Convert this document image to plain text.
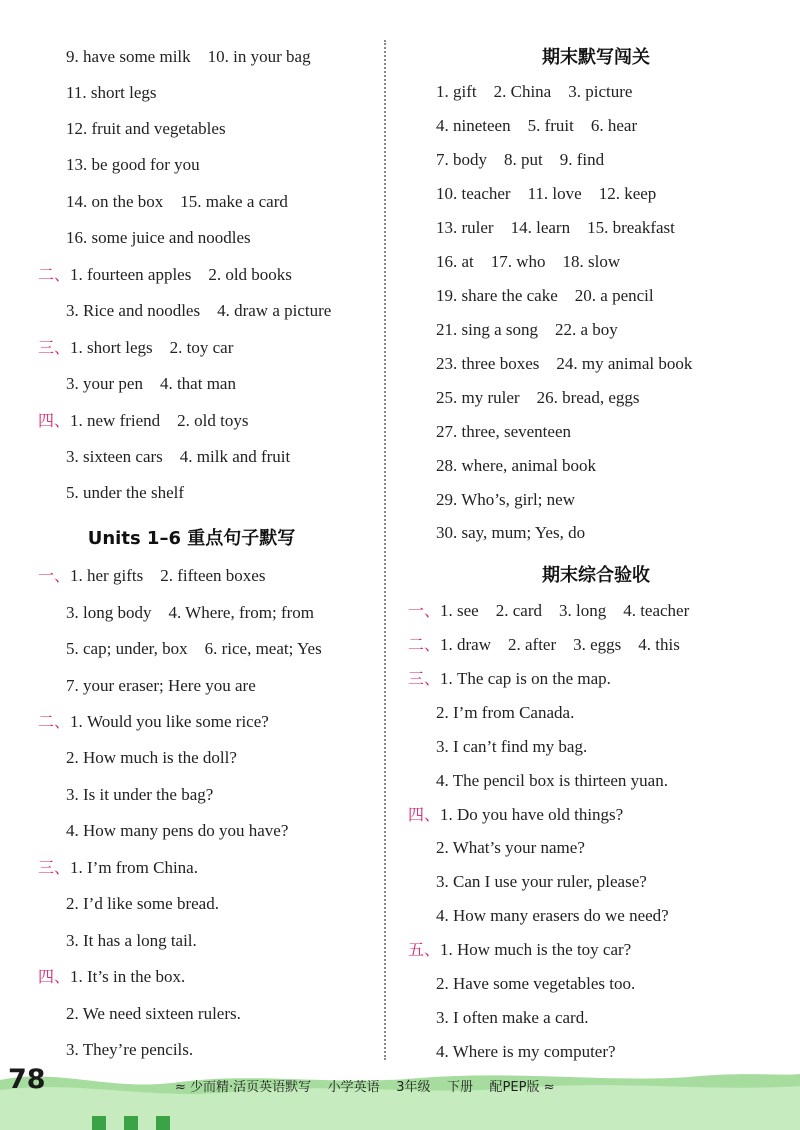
9. have some milk    10. in your bag
11. short legs
12. fruit and vegetables
13. be good for you
14. on the box    15. make a card
16. some juice and noodles
二、1. fourteen apples    2. old books
3. Rice and noodles    4. draw a picture
三、1. short legs    2. toy car
3. your pen    4. that man
四、1. new friend    2. old toys
3. sixteen cars    4. milk and fruit
5. under the shelf
一、1. her gifts    2. fifteen boxes
3. long body    4. Where, from; from
5. cap; under, box    6. rice, meat; Yes
7. your eraser; Here you are
二、1. Would you like some rice?
2. How much is the doll?
3. Is it under the bag?
4. How many pens do you have?
三、1. I’m from China.
2. I’d like some bread.
3. It has a long tail.
四、1. It’s in the box.
2. We need sixteen rulers.
3. They’re pencils.
Units 1–6 重点句子默写
1. gift    2. China    3. picture
4. nineteen    5. fruit    6. hear
7. body    8. put    9. find
10. teacher    11. love    12. keep
13. ruler    14. learn    15. breakfast
16. at    17. who    18. slow
19. share the cake    20. a pencil
21. sing a song    22. a boy
23. three boxes    24. my animal book
25. my ruler    26. bread, eggs
27. three, seventeen
28. where, animal book
29. Who’s, girl; new
30. say, mum; Yes, do
一、1. see    2. card    3. long    4. teacher
二、1. draw    2. after    3. eggs    4. this
三、1. The cap is on the map.
2. I’m from Canada.
3. I can’t find my bag.
4. The pencil box is thirteen yuan.
四、1. Do you have old things?
2. What’s your name?
3. Can I use your ruler, please?
4. How many erasers do we need?
五、1. How much is the toy car?
2. Have some vegetables too.
3. I often make a card.
4. Where is my computer?
期末默写闯关
期末综合验收
78	≈ 少而精·活页英语默写    小学英语    3年级    下册    配PEP版 ≈
